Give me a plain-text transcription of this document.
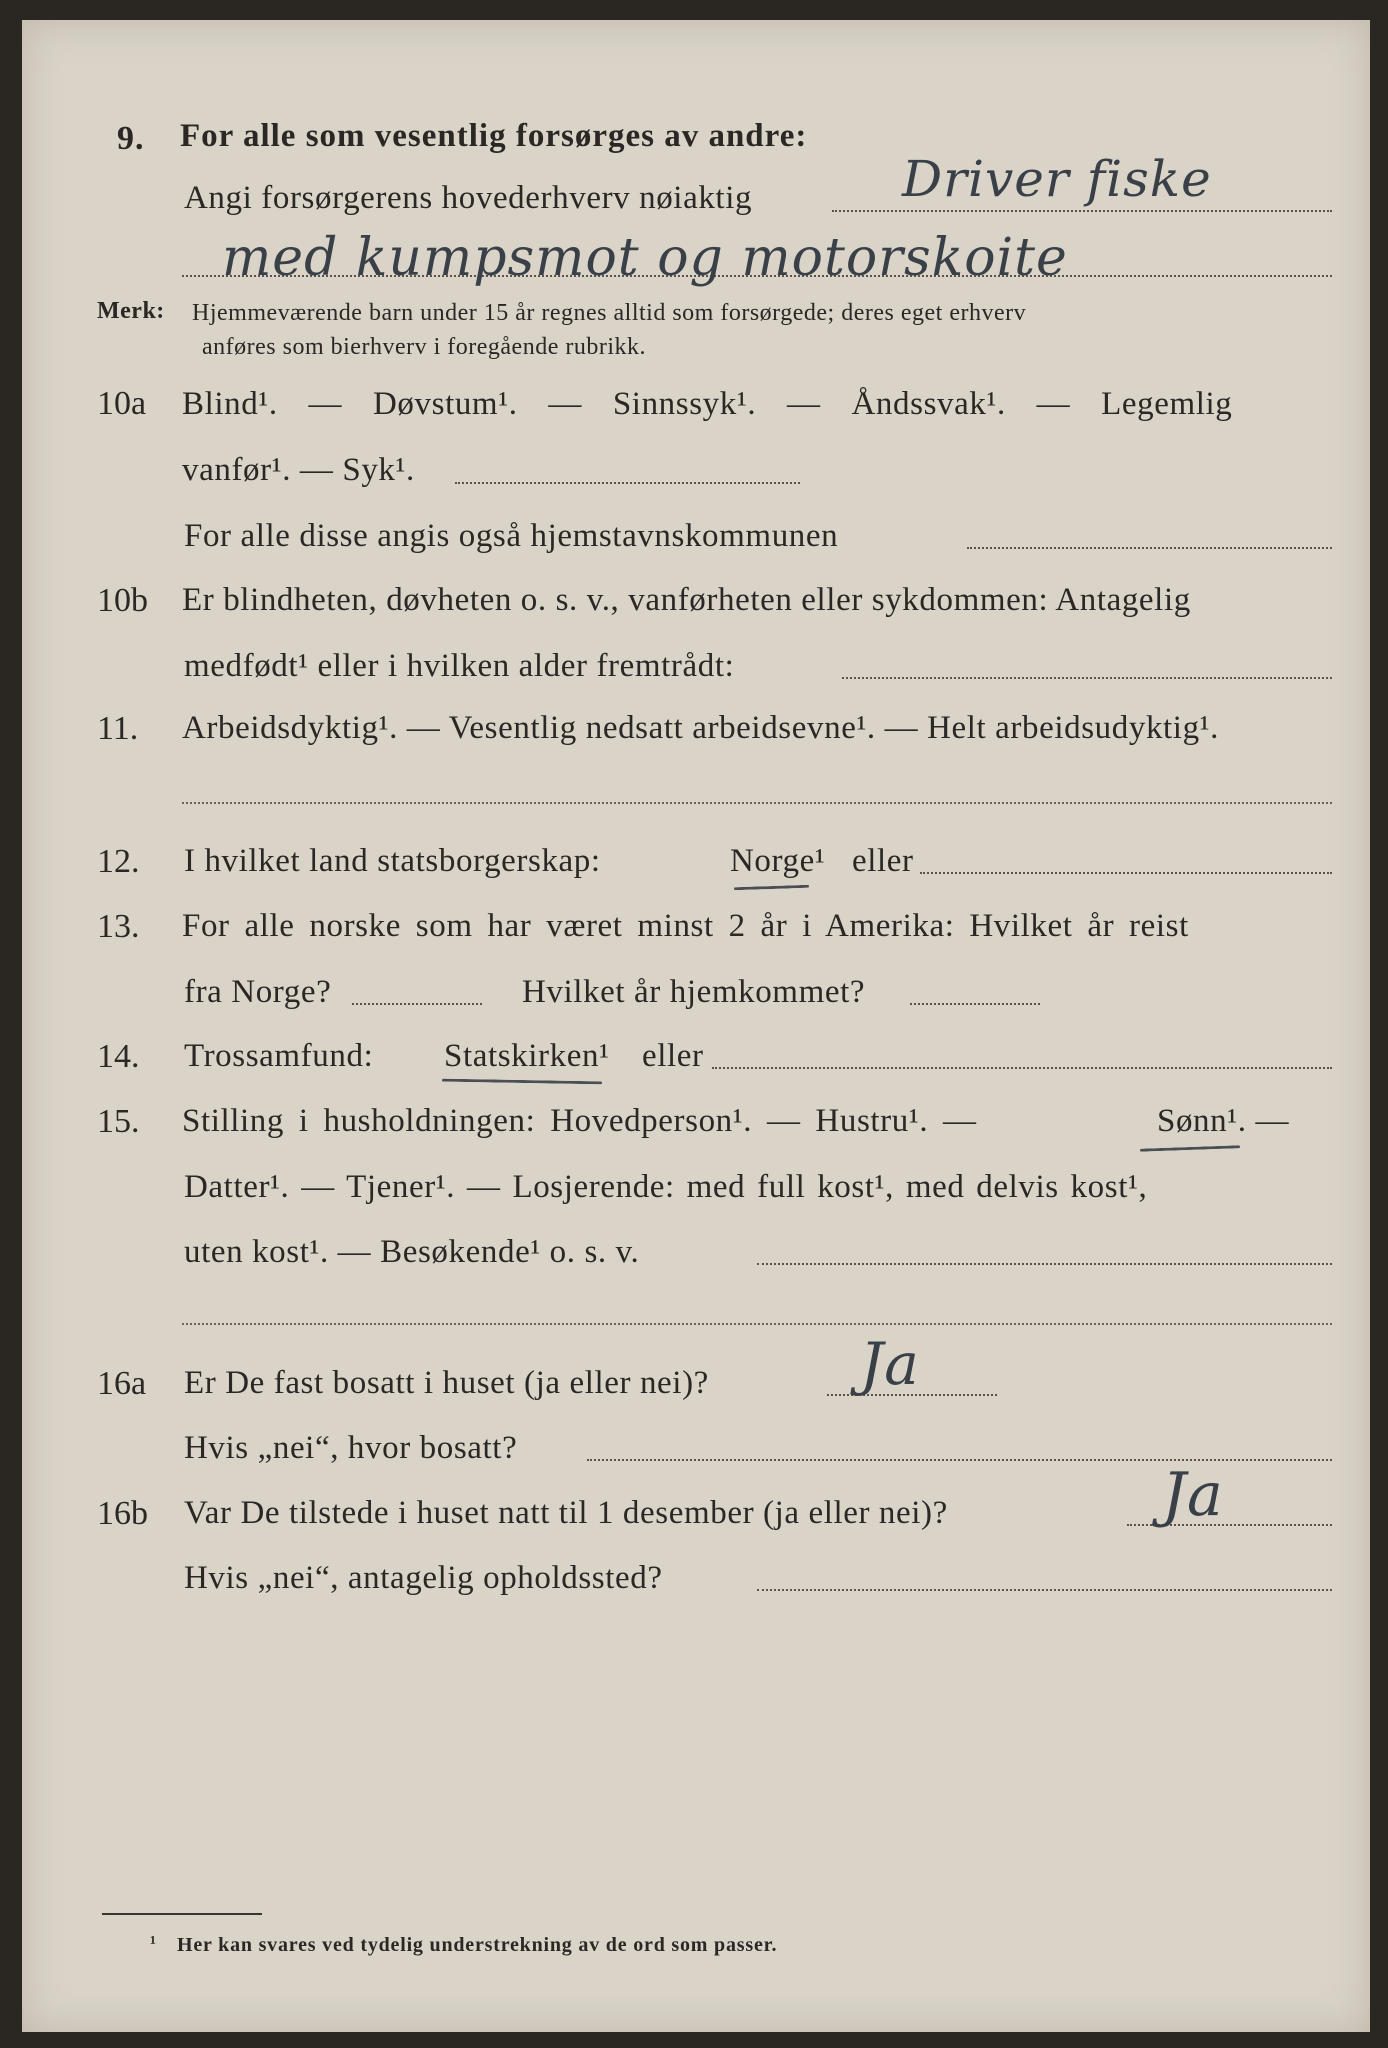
9. For alle som vesentlig forsørges av andre:
Angi forsørgerens hovederhverv nøiaktig	Driver fiske
med kumpsmot og motorskoite
Merk: Hjemmeværende barn under 15 år regnes alltid som forsørgede; deres eget erhverv
anføres som bierhverv i foregående rubrikk.
10a Blind¹. — Døvstum¹. — Sinnssyk¹. — Åndssvak¹. — Legemlig
vanfør¹. — Syk¹.
For alle disse angis også hjemstavnskommunen
10b Er blindheten, døvheten o. s. v., vanførheten eller sykdommen: Antagelig
medfødt¹ eller i hvilken alder fremtrådt:
11. Arbeidsdyktig¹. — Vesentlig nedsatt arbeidsevne¹. — Helt arbeidsudyktig¹.
12. I hvilket land statsborgerskap:	Norge¹ eller
13. For alle norske som har været minst 2 år i Amerika: Hvilket år reist
fra Norge?	Hvilket år hjemkommet?
14. Trossamfund: Statskirken¹ eller
15. Stilling i husholdningen: Hovedperson¹. — Hustru¹. —	Sønn¹. —
Datter¹. — Tjener¹. — Losjerende: med full kost¹, med delvis kost¹,
uten kost¹. — Besøkende¹ o. s. v.
16a Er De fast bosatt i huset (ja eller nei)?	Ja
Hvis „nei“, hvor bosatt?
16b Var De tilstede i huset natt til 1 desember (ja eller nei)?	Ja
Hvis „nei“, antagelig opholdssted?
¹ Her kan svares ved tydelig understrekning av de ord som passer.
